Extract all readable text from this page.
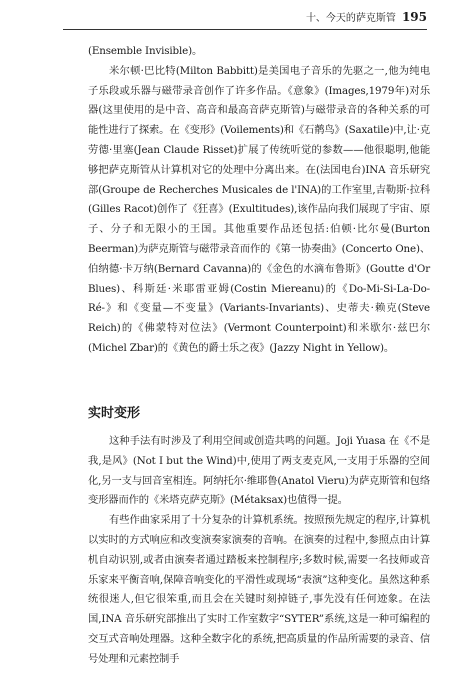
十、今天的萨克斯管 195
(Ensemble Invisible)。
米尔顿·巴比特(Milton Babbitt)是美国电子音乐的先驱之一,他为纯电子乐段或乐器与磁带录音创作了许多作品。《意象》(Images,1979年)对乐器(这里使用的是中音、高音和最高音萨克斯管)与磁带录音的各种关系的可能性进行了探索。在《变形》(Voilements)和《石鹡鸟》(Saxatile)中,让·克劳德·里塞(Jean Claude Risset)扩展了传统听觉的参数——他很聪明,他能够把萨克斯管从计算机对它的处理中分离出来。在(法国电台)INA 音乐研究部(Groupe de Recherches Musicales de l'INA)的工作室里,吉勒斯·拉科(Gilles Racot)创作了《狂喜》(Exultitudes),该作品向我们展现了宇宙、原子、分子和无限小的王国。其他重要作品还包括:伯顿·比尔曼(Burton Beerman)为萨克斯管与磁带录音而作的《第一协奏曲》(Concerto One)、伯纳德·卡万纳(Bernard Cavanna)的《金色的水滴布鲁斯》(Goutte d'Or Blues)、科斯廷·米耶雷亚姆(Costin Miereanu)的《Do-Mi-Si-La-Do-Ré-》和《变量—不变量》(Variants-Invariants)、史蒂夫·赖克(Steve Reich)的《佛蒙特对位法》(Vermont Counterpoint)和米歇尔·兹巴尔(Michel Zbar)的《黄色的爵士乐之夜》(Jazzy Night in Yellow)。
实时变形
这种手法有时涉及了利用空间或创造共鸣的问题。Joji Yuasa 在《不是我,是风》(Not I but the Wind)中,使用了两支麦克风,一支用于乐器的空间化,另一支与回音室相连。阿纳托尔·维耶鲁(Anatol Vieru)为萨克斯管和包络变形器而作的《米塔克萨克斯》(Métaksax)也值得一提。
有些作曲家采用了十分复杂的计算机系统。按照预先规定的程序,计算机以实时的方式响应和改变演奏家演奏的音响。在演奏的过程中,参照点由计算机自动识别,或者由演奏者通过踏板来控制程序;多数时候,需要一名技师或音乐家来平衡音响,保障音响变化的平滑性或现场“表演”这种变化。虽然这种系统很迷人,但它很笨重,而且会在关键时刻掉链子,事先没有任何迹象。在法国,INA 音乐研究部推出了实时工作室数字“SYTER”系统,这是一种可编程的交互式音响处理器。这种全数字化的系统,把高质量的作品所需要的录音、信号处理和元素控制手
